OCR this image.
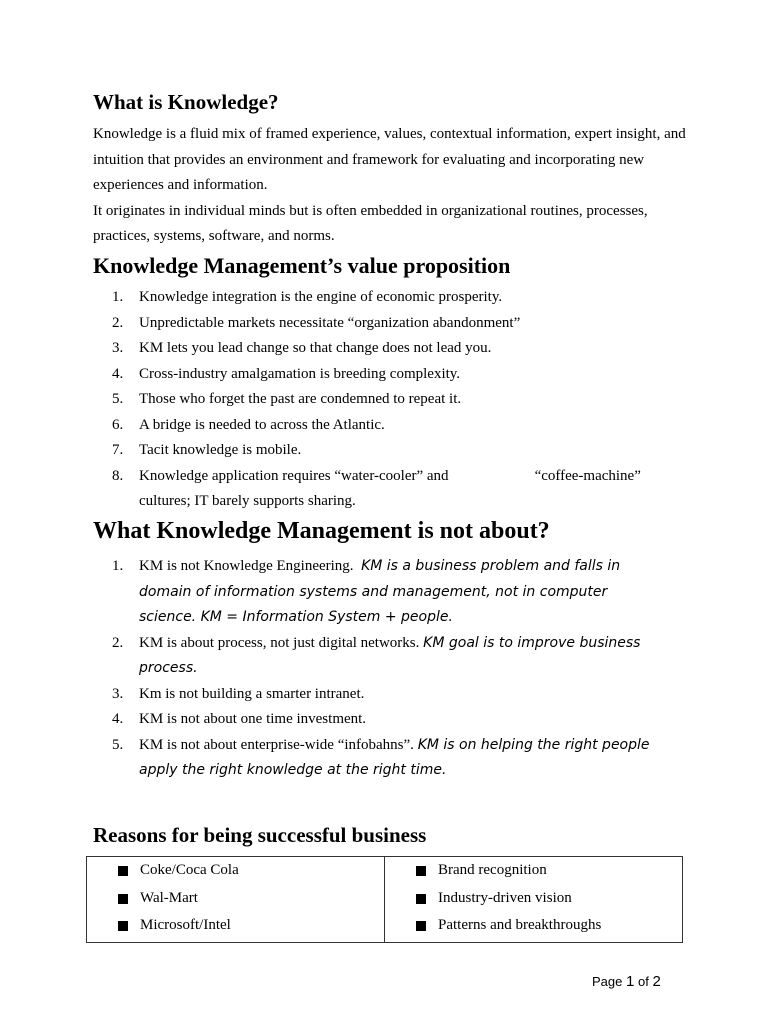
What is Knowledge?

Knowledge is a fluid mix of framed experience, values, contextual information, expert insight, and intuition that provides an environment and framework for evaluating and incorporating new experiences and information.

It originates in individual minds but is often embedded in organizational routines, processes, practices, systems, software, and norms.

Knowledge Management’s value proposition
1. Knowledge integration is the engine of economic prosperity.
2. Unpredictable markets necessitate “organization abandonment”
3. KM lets you lead change so that change does not lead you.
4. Cross-industry amalgamation is breeding complexity.
5. Those who forget the past are condemned to repeat it.
6. A bridge is needed to across the Atlantic.
7. Tacit knowledge is mobile.
8. Knowledge application requires “water-cooler” and	“coffee-machine” cultures; IT barely supports sharing.
What Knowledge Management is not about?
1. KM is not Knowledge Engineering. KM is a business problem and falls in domain of information systems and management, not in computer science. KM = Information System + people.
2. KM is about process, not just digital networks. KM goal is to improve business process.
3. Km is not building a smarter intranet.
4. KM is not about one time investment.
5. KM is not about enterprise-wide “infobahns”. KM is on helping the right people apply the right knowledge at the right time.
Reasons for being successful business
Coke/Coca Cola
Wal-Mart
Microsoft/Intel

Brand recognition
Industry-driven vision
Patterns and breakthroughs
Page 1 of 2
